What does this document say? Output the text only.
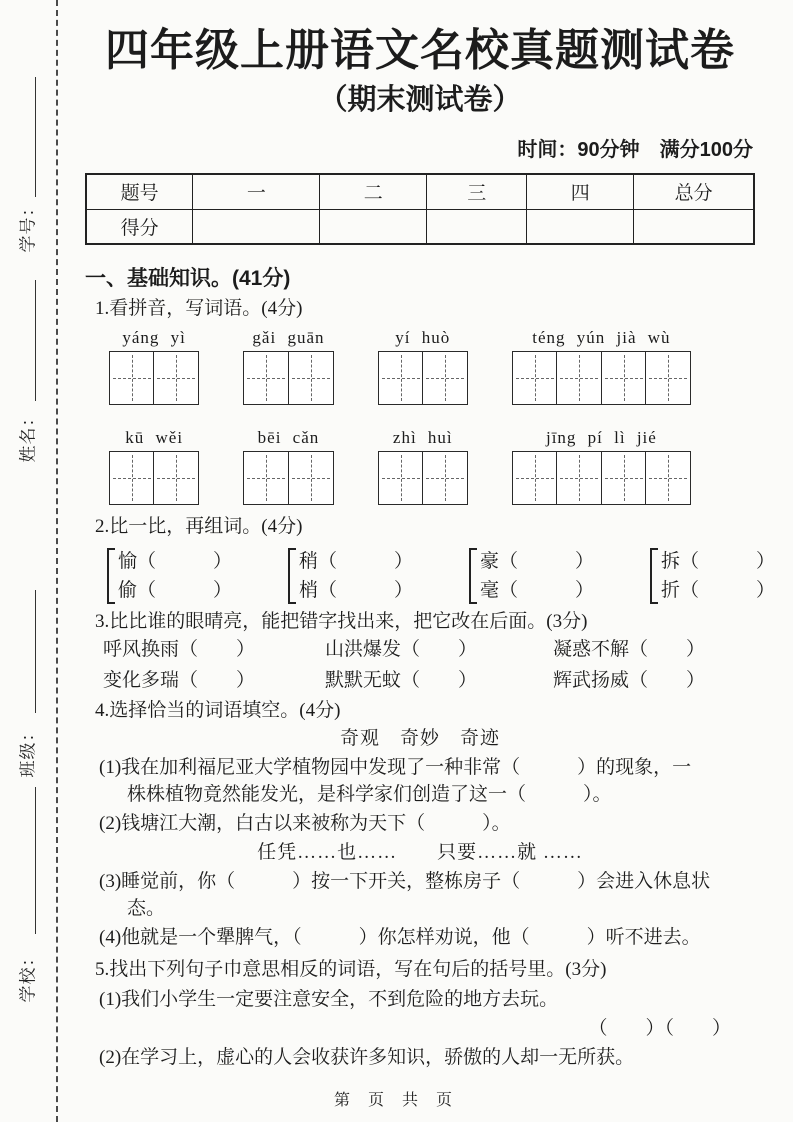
学号：
姓名：
班级：
学校：
四年级上册语文名校真题测试卷
（期末测试卷）
时间：90分钟　满分100分
题号	一	二	三	四	总分
得分					
一、基础知识。(41分)
1.看拼音，写词语。(4分)
yáng yì	gǎi guān	yí huò	téng yún jià wù
kū wěi	bēi cǎn	zhì huì	jīng pí lì jié
2.比一比，再组词。(4分)
愉（　　　）
偷（　　　）
稍（　　　）
梢（　　　）
豪（　　　）
毫（　　　）
拆（　　　）
折（　　　）
3.比比谁的眼晴亮，能把错字找出来，把它改在后面。(3分)
呼风换雨（　　）	山洪爆发（　　）	凝惑不解（　　）
变化多瑞（　　）	默默无蚊（　　）	辉武扬威（　　）
4.选择恰当的词语填空。(4分)
奇观　奇妙　奇迹
(1)我在加利福尼亚大学植物园中发现了一种非常（　　　）的现象，一
株株植物竟然能发光，是科学家们创造了这一（　　　）。
(2)钱塘江大潮，白古以来被称为天下（　　　）。
任凭……也……　　只要……就 ……
(3)睡觉前，你（　　　）按一下开关，整栋房子（　　　）会进入休息状
态。
(4)他就是一个犟脾气，（　　　）你怎样劝说，他（　　　）听不进去。
5.找出下列句子巾意思相反的词语，写在句后的括号里。(3分)
(1)我们小学生一定要注意安全，不到危险的地方去玩。
（　　）（　　）
(2)在学习上，虚心的人会收获许多知识，骄傲的人却一无所获。
第 页 共 页
